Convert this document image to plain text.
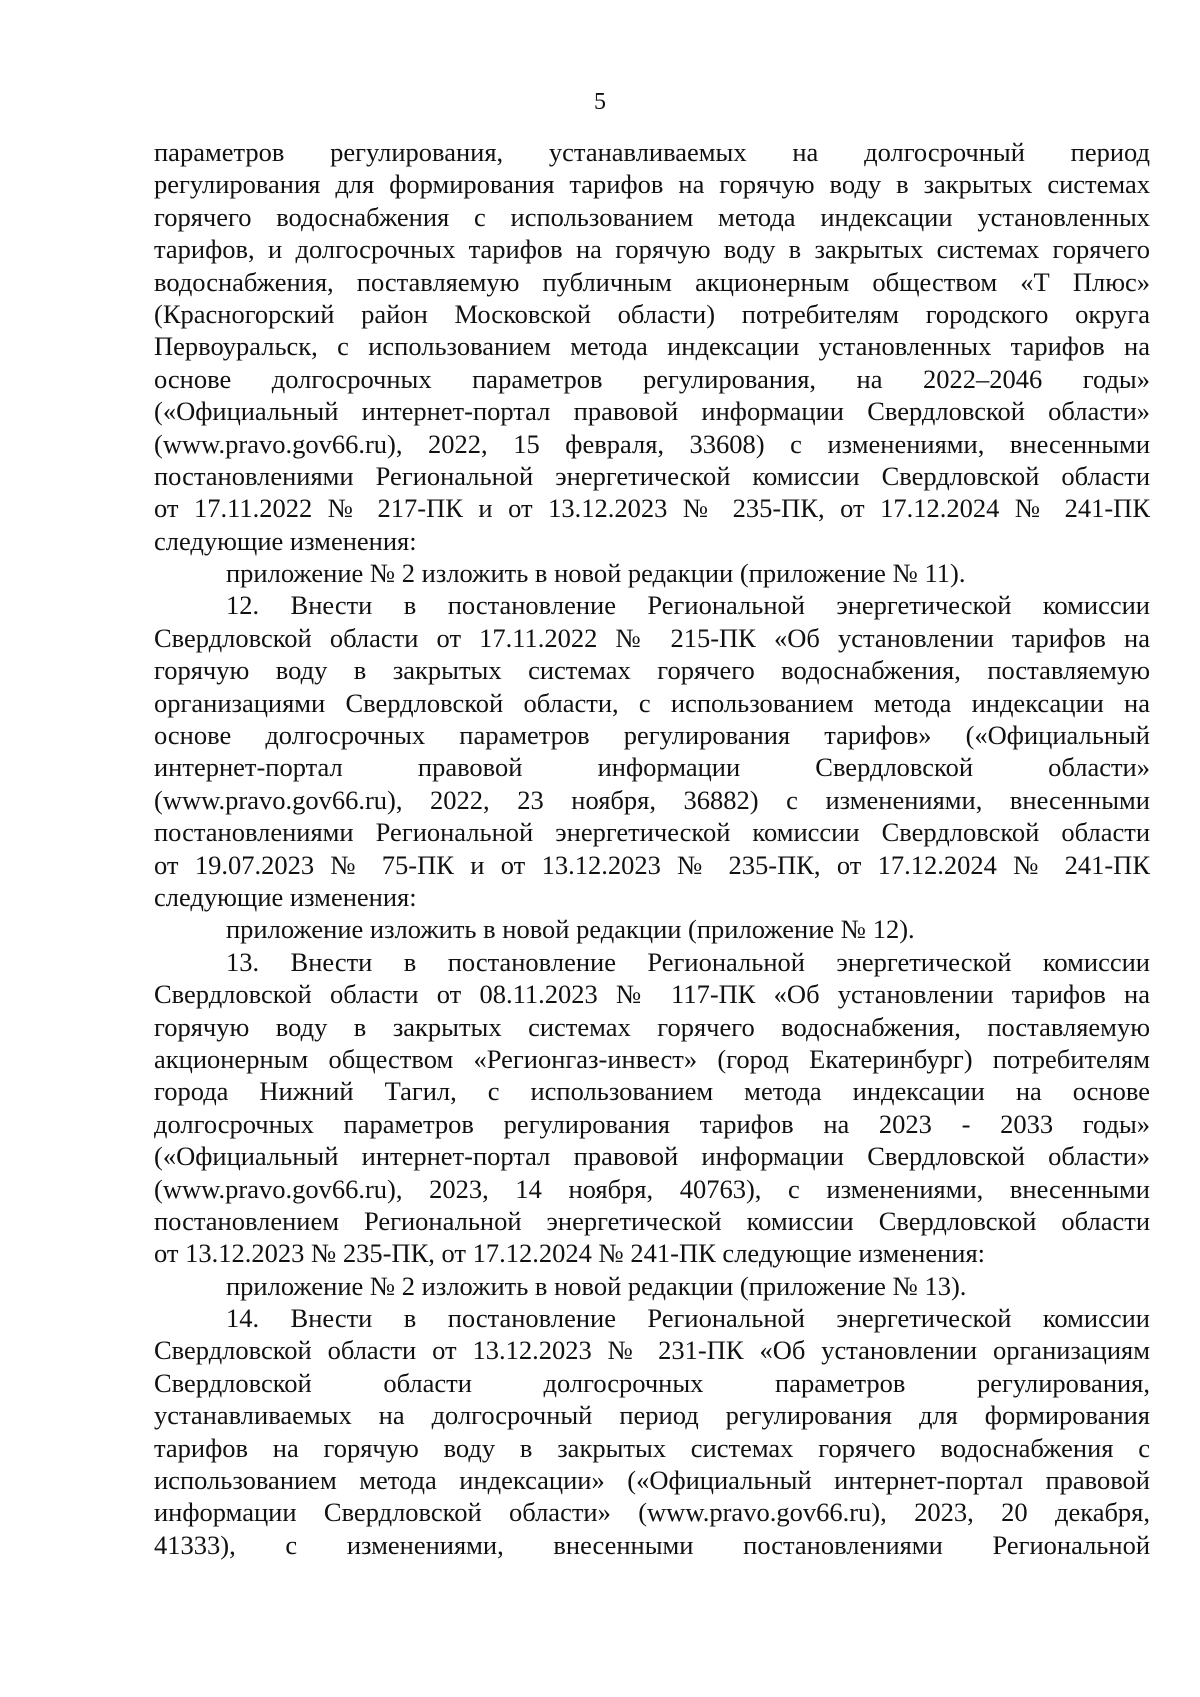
5
параметров регулирования, устанавливаемых на долгосрочный период
регулирования для формирования тарифов на горячую воду в закрытых системах
горячего водоснабжения с использованием метода индексации установленных
тарифов, и долгосрочных тарифов на горячую воду в закрытых системах горячего
водоснабжения, поставляемую публичным акционерным обществом «Т Плюс»
(Красногорский район Московской области) потребителям городского округа
Первоуральск, с использованием метода индексации установленных тарифов на
основе долгосрочных параметров регулирования, на 2022–2046 годы»
(«Официальный интернет-портал правовой информации Свердловской области»
(www.pravo.gov66.ru), 2022, 15 февраля, 33608) с изменениями, внесенными
постановлениями Региональной энергетической комиссии Свердловской области
от 17.11.2022 № 217-ПК и от 13.12.2023 № 235-ПК, от 17.12.2024 № 241-ПК
следующие изменения:
приложение № 2 изложить в новой редакции (приложение № 11).
12. Внести в постановление Региональной энергетической комиссии
Свердловской области от 17.11.2022 № 215-ПК «Об установлении тарифов на
горячую воду в закрытых системах горячего водоснабжения, поставляемую
организациями Свердловской области, с использованием метода индексации на
основе долгосрочных параметров регулирования тарифов» («Официальный
интернет-портал правовой информации Свердловской области»
(www.pravo.gov66.ru), 2022, 23 ноября, 36882) с изменениями, внесенными
постановлениями Региональной энергетической комиссии Свердловской области
от 19.07.2023 № 75-ПК и от 13.12.2023 № 235-ПК, от 17.12.2024 № 241-ПК
следующие изменения:
приложение изложить в новой редакции (приложение № 12).
13. Внести в постановление Региональной энергетической комиссии
Свердловской области от 08.11.2023 № 117-ПК «Об установлении тарифов на
горячую воду в закрытых системах горячего водоснабжения, поставляемую
акционерным обществом «Регионгаз-инвест» (город Екатеринбург) потребителям
города Нижний Тагил, с использованием метода индексации на основе
долгосрочных параметров регулирования тарифов на 2023 - 2033 годы»
(«Официальный интернет-портал правовой информации Свердловской области»
(www.pravo.gov66.ru), 2023, 14 ноября, 40763), с изменениями, внесенными
постановлением Региональной энергетической комиссии Свердловской области
от 13.12.2023 № 235-ПК, от 17.12.2024 № 241-ПК следующие изменения:
приложение № 2 изложить в новой редакции (приложение № 13).
14. Внести в постановление Региональной энергетической комиссии
Свердловской области от 13.12.2023 № 231-ПК «Об установлении организациям
Свердловской области долгосрочных параметров регулирования,
устанавливаемых на долгосрочный период регулирования для формирования
тарифов на горячую воду в закрытых системах горячего водоснабжения с
использованием метода индексации» («Официальный интернет-портал правовой
информации Свердловской области» (www.pravo.gov66.ru), 2023, 20 декабря,
41333), с изменениями, внесенными постановлениями Региональной
